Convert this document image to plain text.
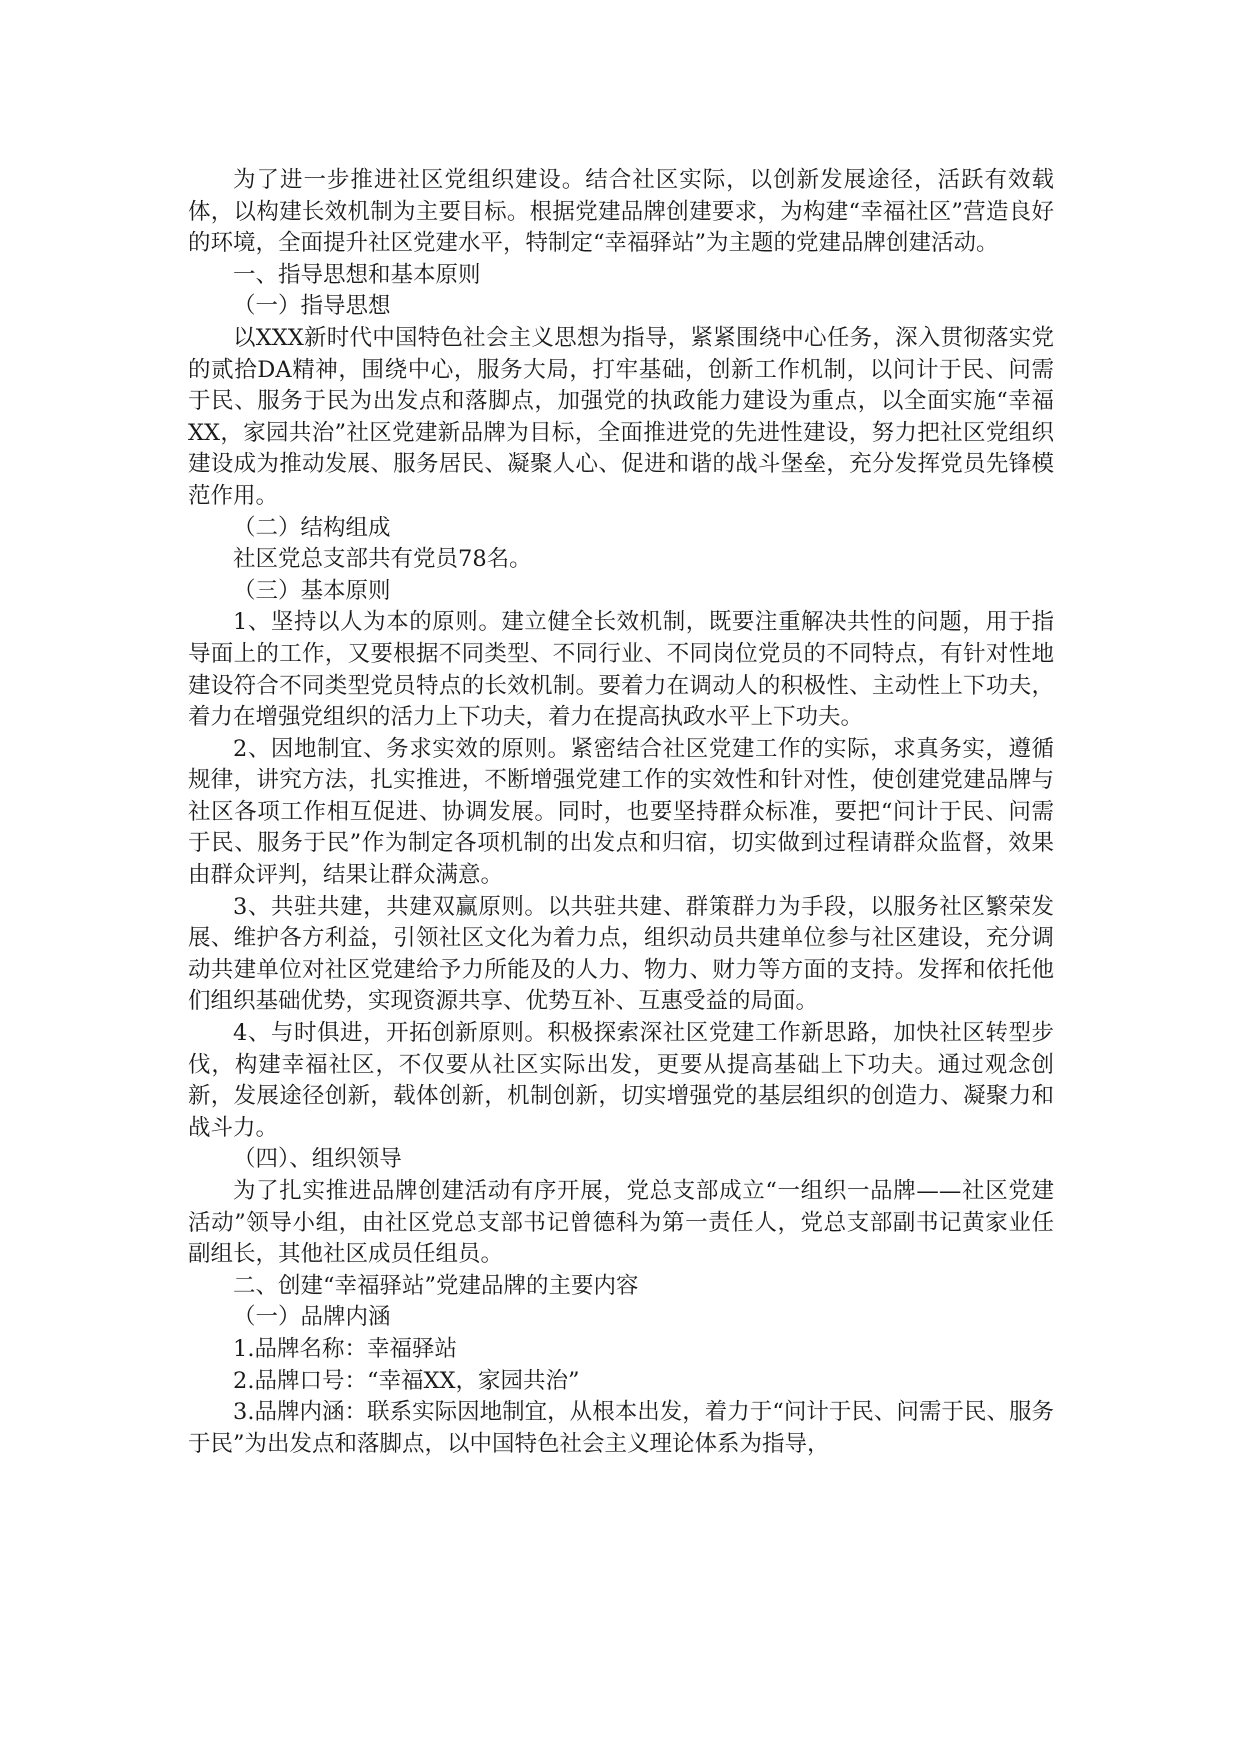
为了进一步推进社区党组织建设。结合社区实际，以创新发展途径，活跃有效载体，以构建长效机制为主要目标。根据党建品牌创建要求，为构建“幸福社区”营造良好的环境，全面提升社区党建水平，特制定“幸福驿站”为主题的党建品牌创建活动。

一、指导思想和基本原则

（一）指导思想

以XXX新时代中国特色社会主义思想为指导，紧紧围绕中心任务，深入贯彻落实党的贰拾DA精神，围绕中心，服务大局，打牢基础，创新工作机制，以问计于民、问需于民、服务于民为出发点和落脚点，加强党的执政能力建设为重点，以全面实施“幸福XX，家园共治”社区党建新品牌为目标，全面推进党的先进性建设，努力把社区党组织建设成为推动发展、服务居民、凝聚人心、促进和谐的战斗堡垒，充分发挥党员先锋模范作用。

（二）结构组成

社区党总支部共有党员78名。

（三）基本原则

1、坚持以人为本的原则。建立健全长效机制，既要注重解决共性的问题，用于指导面上的工作，又要根据不同类型、不同行业、不同岗位党员的不同特点，有针对性地建设符合不同类型党员特点的长效机制。要着力在调动人的积极性、主动性上下功夫，着力在增强党组织的活力上下功夫，着力在提高执政水平上下功夫。

2、因地制宜、务求实效的原则。紧密结合社区党建工作的实际，求真务实，遵循规律，讲究方法，扎实推进，不断增强党建工作的实效性和针对性，使创建党建品牌与社区各项工作相互促进、协调发展。同时，也要坚持群众标准，要把“问计于民、问需于民、服务于民”作为制定各项机制的出发点和归宿，切实做到过程请群众监督，效果由群众评判，结果让群众满意。

3、共驻共建，共建双赢原则。以共驻共建、群策群力为手段，以服务社区繁荣发展、维护各方利益，引领社区文化为着力点，组织动员共建单位参与社区建设，充分调动共建单位对社区党建给予力所能及的人力、物力、财力等方面的支持。发挥和依托他们组织基础优势，实现资源共享、优势互补、互惠受益的局面。

4、与时俱进，开拓创新原则。积极探索深社区党建工作新思路，加快社区转型步伐，构建幸福社区，不仅要从社区实际出发，更要从提高基础上下功夫。通过观念创新，发展途径创新，载体创新，机制创新，切实增强党的基层组织的创造力、凝聚力和战斗力。

（四）、组织领导

为了扎实推进品牌创建活动有序开展，党总支部成立“一组织一品牌——社区党建活动”领导小组，由社区党总支部书记曾德科为第一责任人，党总支部副书记黄家业任副组长，其他社区成员任组员。

二、创建“幸福驿站”党建品牌的主要内容

（一）品牌内涵

1.品牌名称：幸福驿站

2.品牌口号：“幸福XX，家园共治”

3.品牌内涵：联系实际因地制宜，从根本出发，着力于“问计于民、问需于民、服务于民”为出发点和落脚点，以中国特色社会主义理论体系为指导，
